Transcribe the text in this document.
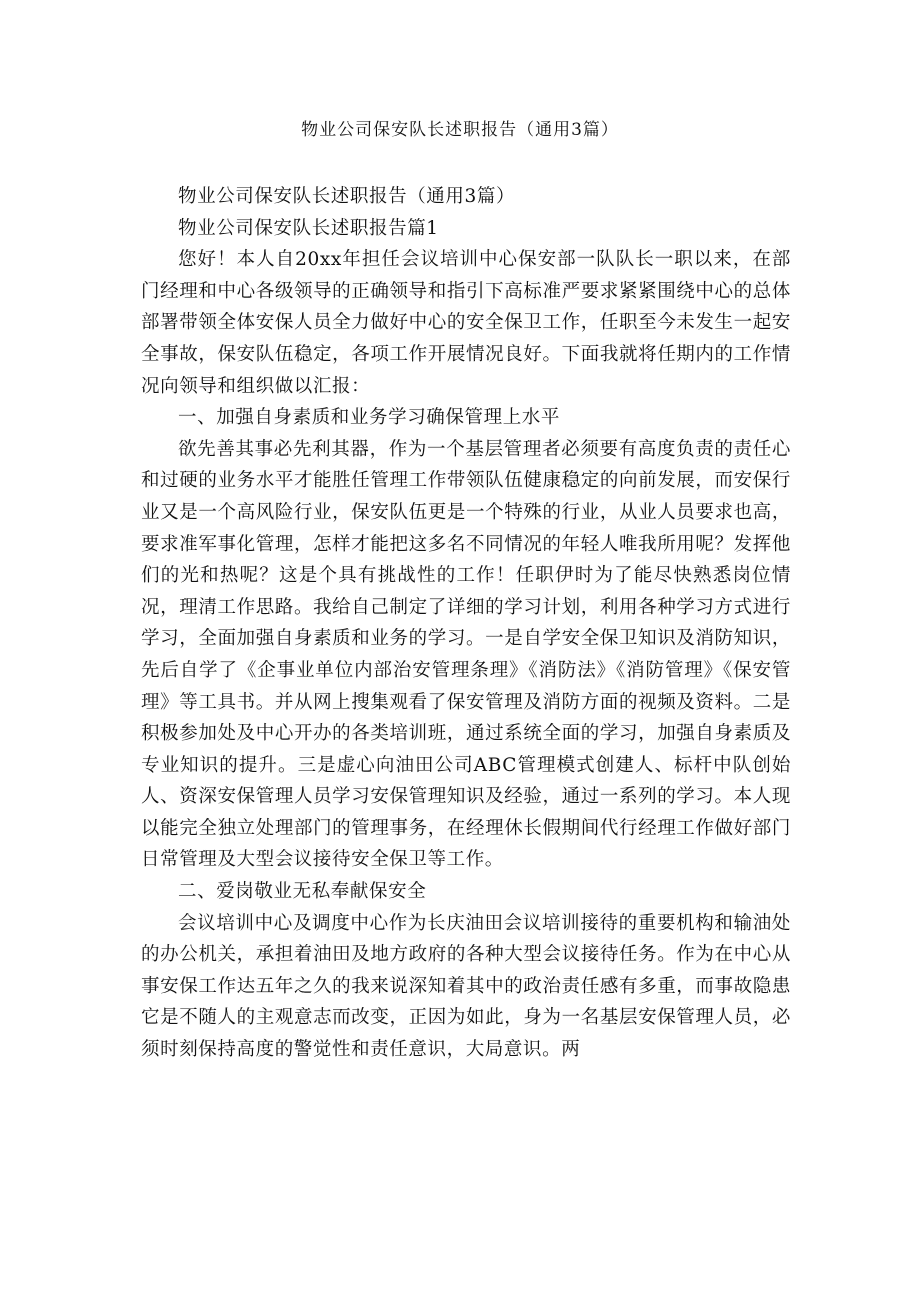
物业公司保安队长述职报告（通用3篇）

物业公司保安队长述职报告（通用3篇）

物业公司保安队长述职报告篇1

您好！本人自20xx年担任会议培训中心保安部一队队长一职以来，在部门经理和中心各级领导的正确领导和指引下高标准严要求紧紧围绕中心的总体部署带领全体安保人员全力做好中心的安全保卫工作，任职至今未发生一起安全事故，保安队伍稳定，各项工作开展情况良好。下面我就将任期内的工作情况向领导和组织做以汇报：

一、加强自身素质和业务学习确保管理上水平

欲先善其事必先利其器，作为一个基层管理者必须要有高度负责的责任心和过硬的业务水平才能胜任管理工作带领队伍健康稳定的向前发展，而安保行业又是一个高风险行业，保安队伍更是一个特殊的行业，从业人员要求也高，要求准军事化管理，怎样才能把这多名不同情况的年轻人唯我所用呢？发挥他们的光和热呢？这是个具有挑战性的工作！任职伊时为了能尽快熟悉岗位情况，理清工作思路。我给自己制定了详细的学习计划，利用各种学习方式进行学习，全面加强自身素质和业务的学习。一是自学安全保卫知识及消防知识，先后自学了《企事业单位内部治安管理条理》《消防法》《消防管理》《保安管理》等工具书。并从网上搜集观看了保安管理及消防方面的视频及资料。二是积极参加处及中心开办的各类培训班，通过系统全面的学习，加强自身素质及专业知识的提升。三是虚心向油田公司ABC管理模式创建人、标杆中队创始人、资深安保管理人员学习安保管理知识及经验，通过一系列的学习。本人现以能完全独立处理部门的管理事务，在经理休长假期间代行经理工作做好部门日常管理及大型会议接待安全保卫等工作。

二、爱岗敬业无私奉献保安全

会议培训中心及调度中心作为长庆油田会议培训接待的重要机构和输油处的办公机关，承担着油田及地方政府的各种大型会议接待任务。作为在中心从事安保工作达五年之久的我来说深知着其中的政治责任感有多重，而事故隐患它是不随人的主观意志而改变，正因为如此，身为一名基层安保管理人员，必须时刻保持高度的警觉性和责任意识，大局意识。两
